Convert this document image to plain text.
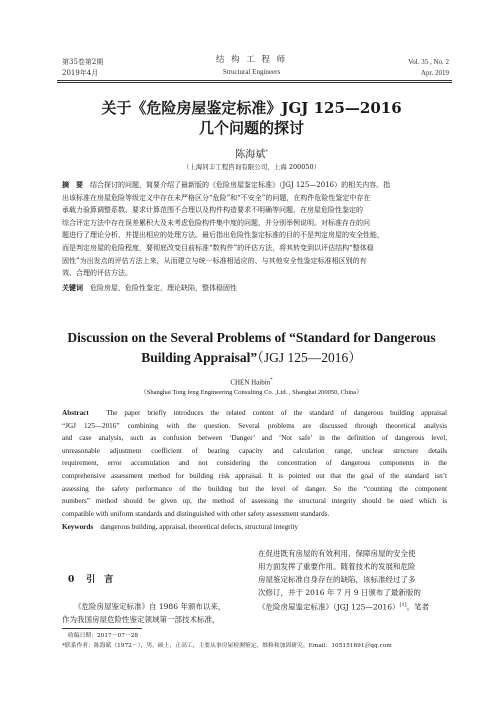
第35卷第2期
2019年4月
结 构 工 程 师
Structural Engineers
Vol. 35 , No. 2
Apr. 2019
关于《危险房屋鉴定标准》JGJ 125—2016
几个问题的探讨
陈海斌*
（上海同丰工程咨询有限公司，上海 200050）
摘　要　 结合探讨的问题，简要介绍了最新版的《危险房屋鉴定标准》（JGJ 125—2016）的相关内容。指
出该标准在房屋危险等级定义中存在未严格区分“危险”和“不安全”的问题，在构件危险性鉴定中存在
承载力验算调整系数、要求计算范围不合理以及构件构造要求不明确等问题，在房屋危险性鉴定的
综合评定方法中存在误差累积大及未考虑危险构件集中度的问题，并分别举例说明。对标准存在的问
题进行了理论分析，并提出相应的处理方法。最后指出危险性鉴定标准的目的不是判定房屋的安全性能，
而是判定房屋的危险程度，要彻底改变目前标准“数构件”的评估方法，将其转变到以评估结构“整体稳
固性”为出发点的评估方法上来，从而建立与统一标准相适应的、与其他安全性鉴定标准相区别的有
效、合理的评估方法。
关键词　 危险房屋，危险性鉴定，理论缺陷，整体稳固性
Discussion on the Several Problems of “Standard for Dangerous
Building Appraisal”（JGJ 125—2016）
CHEN Haibin*
（Shanghai Tong feng Engineering Consulting Co. ,Ltd. , Shanghai 200050, China）
Abstract　 The paper briefly introduces the related content of the standard of dangerous building appraisal
“JGJ 125—2016” combining with the question. Several problems are discussed through theoretical analysis
and case analysis, such as confusion between ‘Danger’ and ‘Not safe’ in the definition of dangerous level,
unreasonable adjustment coefficient of bearing capacity and calculation range, unclear structure details
requirement, error accumulation and not considering the concentration of dangerous components in the
comprehensive assessment method for building risk appraisal. It is pointed out that the goal of the standard isn’t
assessing the safety performance of the building but the level of danger. So the “counting the component
numbers” method should be given up, the method of assessing the structural integrity should be used which is
compatible with uniform standards and distinguished with other safety assessment standards.
Keywords　 dangerous building, appraisal, theoretical defects, structural integrity
0 引　言
《危险房屋鉴定标准》自 1986 年颁布以来，
作为我国房屋危险性鉴定领域第一部技术标准，
在促进既有房屋的有效利用、保障房屋的安全使
用方面发挥了重要作用。随着技术的发展和危险
房屋鉴定标准自身存在的缺陷，该标准经过了多
次修订，并于 2016 年 7 月 9 日颁布了最新版的
《危险房屋鉴定标准》（JGJ 125—2016）[1]。笔者
收稿日期：2017－07－28
*联系作者：陈海斌（1972－），男，硕士，正高工，主要从事房屋检测鉴定、维修和加固研究。Email：105151691＠qq.com
